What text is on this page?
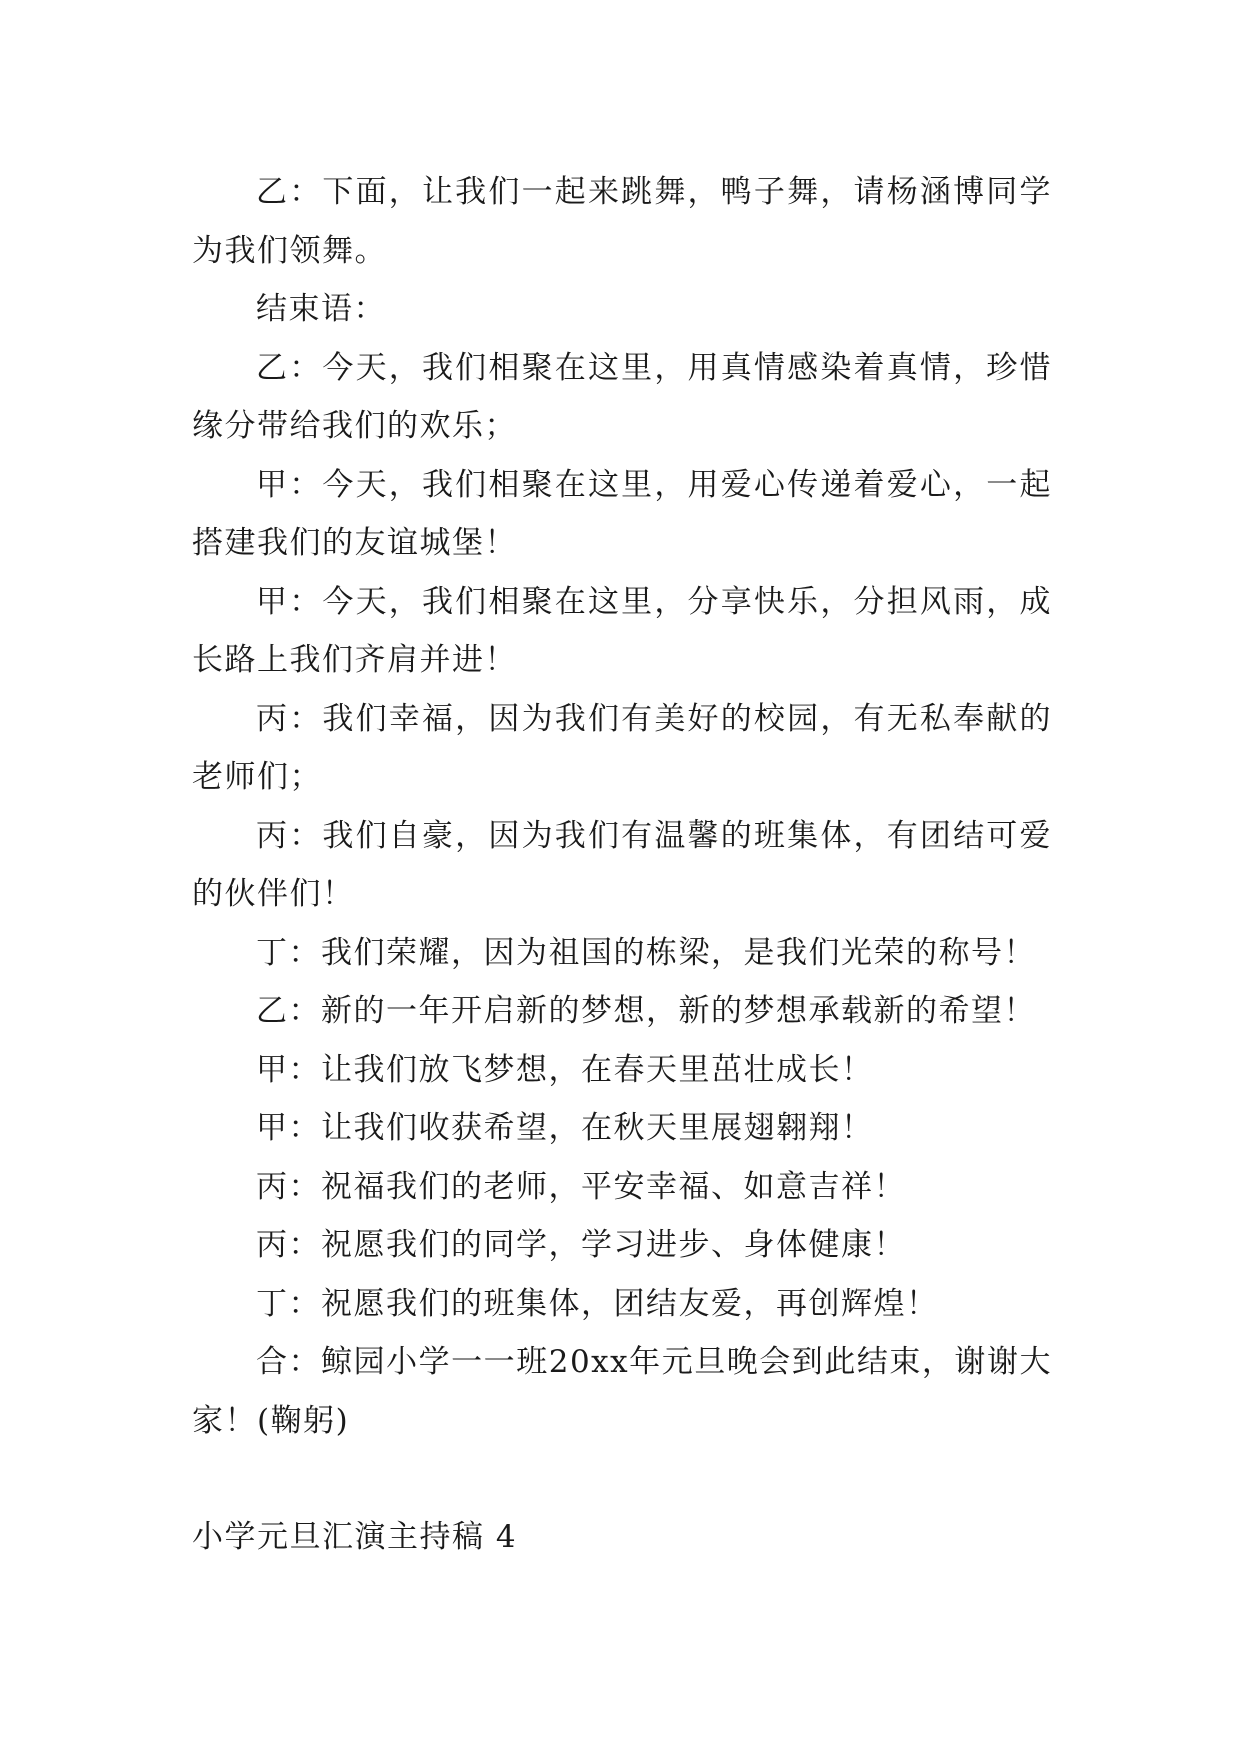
乙：下面，让我们一起来跳舞，鸭子舞，请杨涵博同学为我们领舞。

结束语：

乙：今天，我们相聚在这里，用真情感染着真情，珍惜缘分带给我们的欢乐；

甲：今天，我们相聚在这里，用爱心传递着爱心，一起搭建我们的友谊城堡！

甲：今天，我们相聚在这里，分享快乐，分担风雨，成长路上我们齐肩并进！

丙：我们幸福，因为我们有美好的校园，有无私奉献的老师们；

丙：我们自豪，因为我们有温馨的班集体，有团结可爱的伙伴们！

丁：我们荣耀，因为祖国的栋梁，是我们光荣的称号！

乙：新的一年开启新的梦想，新的梦想承载新的希望！

甲：让我们放飞梦想，在春天里茁壮成长！

甲：让我们收获希望，在秋天里展翅翱翔！

丙：祝福我们的老师，平安幸福、如意吉祥！

丙：祝愿我们的同学，学习进步、身体健康！

丁：祝愿我们的班集体，团结友爱，再创辉煌！

合：鲸园小学一一班20xx年元旦晚会到此结束，谢谢大家！(鞠躬)

小学元旦汇演主持稿 4
